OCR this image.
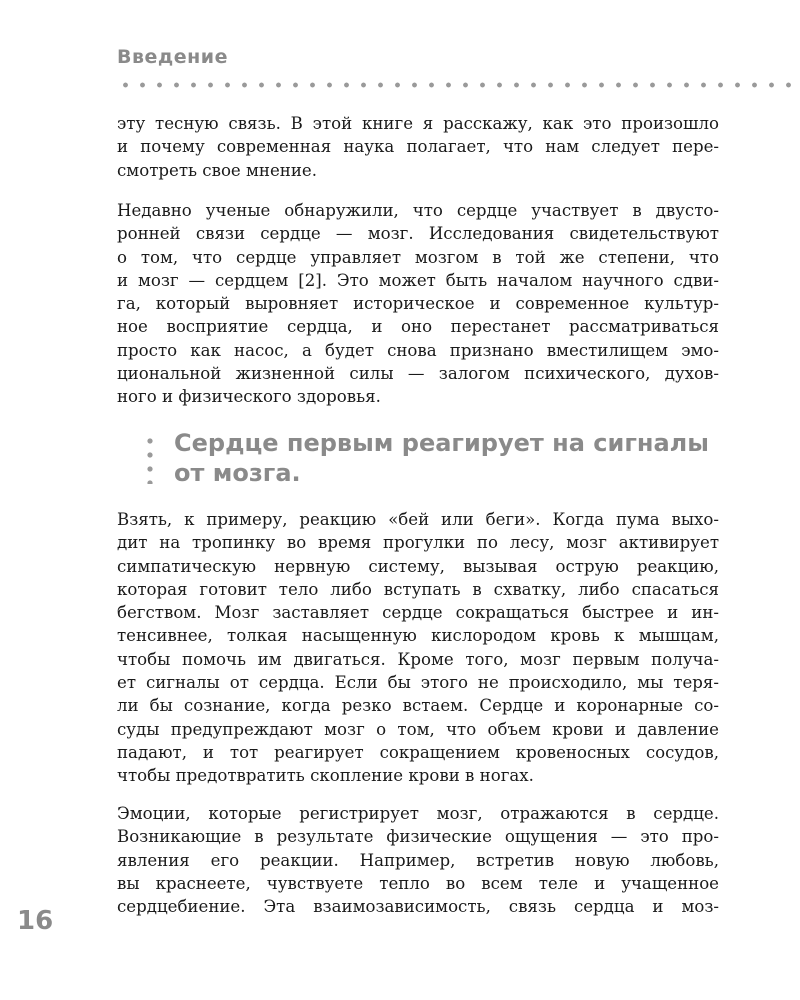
Введение

эту тесную связь. В этой книге я расскажу, как это произошло
и почему современная наука полагает, что нам следует пере-
смотреть свое мнение.

Недавно ученые обнаружили, что сердце участвует в двусто-
ронней связи сердце — мозг. Исследования свидетельствуют
о том, что сердце управляет мозгом в той же степени, что
и мозг — сердцем [2]. Это может быть началом научного сдви-
га, который выровняет историческое и современное культур-
ное восприятие сердца, и оно перестанет рассматриваться
просто как насос, а будет снова признано вместилищем эмо-
циональной жизненной силы — залогом психического, духов-
ного и физического здоровья.

Сердце первым реагирует на сигналы
от мозга.

Взять, к примеру, реакцию «бей или беги». Когда пума выхо-
дит на тропинку во время прогулки по лесу, мозг активирует
симпатическую нервную систему, вызывая острую реакцию,
которая готовит тело либо вступать в схватку, либо спасаться
бегством. Мозг заставляет сердце сокращаться быстрее и ин-
тенсивнее, толкая насыщенную кислородом кровь к мышцам,
чтобы помочь им двигаться. Кроме того, мозг первым получа-
ет сигналы от сердца. Если бы этого не происходило, мы теря-
ли бы сознание, когда резко встаем. Сердце и коронарные со-
суды предупреждают мозг о том, что объем крови и давление
падают, и тот реагирует сокращением кровеносных сосудов,
чтобы предотвратить скопление крови в ногах.

Эмоции, которые регистрирует мозг, отражаются в сердце.
Возникающие в результате физические ощущения — это про-
явления его реакции. Например, встретив новую любовь,
вы краснеете, чувствуете тепло во всем теле и учащенное
сердцебиение. Эта взаимозависимость, связь сердца и моз-

16
